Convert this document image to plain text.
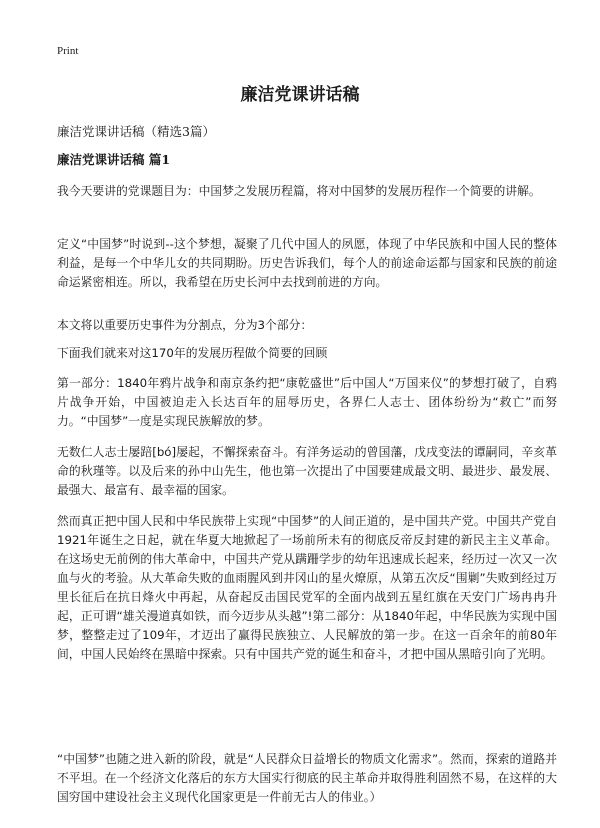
Print
廉洁党课讲话稿

廉洁党课讲话稿（精选3篇）

廉洁党课讲话稿 篇1

我今天要讲的党课题目为：中国梦之发展历程篇，将对中国梦的发展历程作一个简要的讲解。

定义“中国梦”时说到--这个梦想，凝聚了几代中国人的夙愿，体现了中华民族和中国人民的整体利益，是每一个中华儿女的共同期盼。历史告诉我们，每个人的前途命运都与国家和民族的前途命运紧密相连。所以，我希望在历史长河中去找到前进的方向。

本文将以重要历史事件为分割点，分为3个部分：

下面我们就来对这170年的发展历程做个简要的回顾

第一部分：1840年鸦片战争和南京条约把“康乾盛世”后中国人“万国来仪”的梦想打破了，自鸦片战争开始，中国被迫走入长达百年的屈辱历史，各界仁人志士、团体纷纷为“救亡”而努力。“中国梦”一度是实现民族解放的梦。

无数仁人志士屡踣[bó]屡起，不懈探索奋斗。有洋务运动的曾国藩，戊戌变法的谭嗣同，辛亥革命的秋瑾等。以及后来的孙中山先生，他也第一次提出了中国要建成最文明、最进步、最发展、最强大、最富有、最幸福的国家。

然而真正把中国人民和中华民族带上实现“中国梦”的人间正道的，是中国共产党。中国共产党自1921年诞生之日起，就在华夏大地掀起了一场前所未有的彻底反帝反封建的新民主主义革命。在这场史无前例的伟大革命中，中国共产党从蹒跚学步的幼年迅速成长起来，经历过一次又一次血与火的考验。从大革命失败的血雨腥风到井冈山的星火燎原，从第五次反“围剿”失败到经过万里长征后在抗日烽火中再起，从奋起反击国民党军的全面内战到五星红旗在天安门广场冉冉升起，正可谓“雄关漫道真如铁，而今迈步从头越”!第二部分：从1840年起，中华民族为实现中国梦，整整走过了109年，才迈出了赢得民族独立、人民解放的第一步。在这一百余年的前80年间，中国人民始终在黑暗中探索。只有中国共产党的诞生和奋斗，才把中国从黑暗引向了光明。

“中国梦”也随之进入新的阶段，就是“人民群众日益增长的物质文化需求”。然而，探索的道路并不平坦。在一个经济文化落后的东方大国实行彻底的民主革命并取得胜利固然不易，在这样的大国穷国中建设社会主义现代化国家更是一件前无古人的伟业。）
